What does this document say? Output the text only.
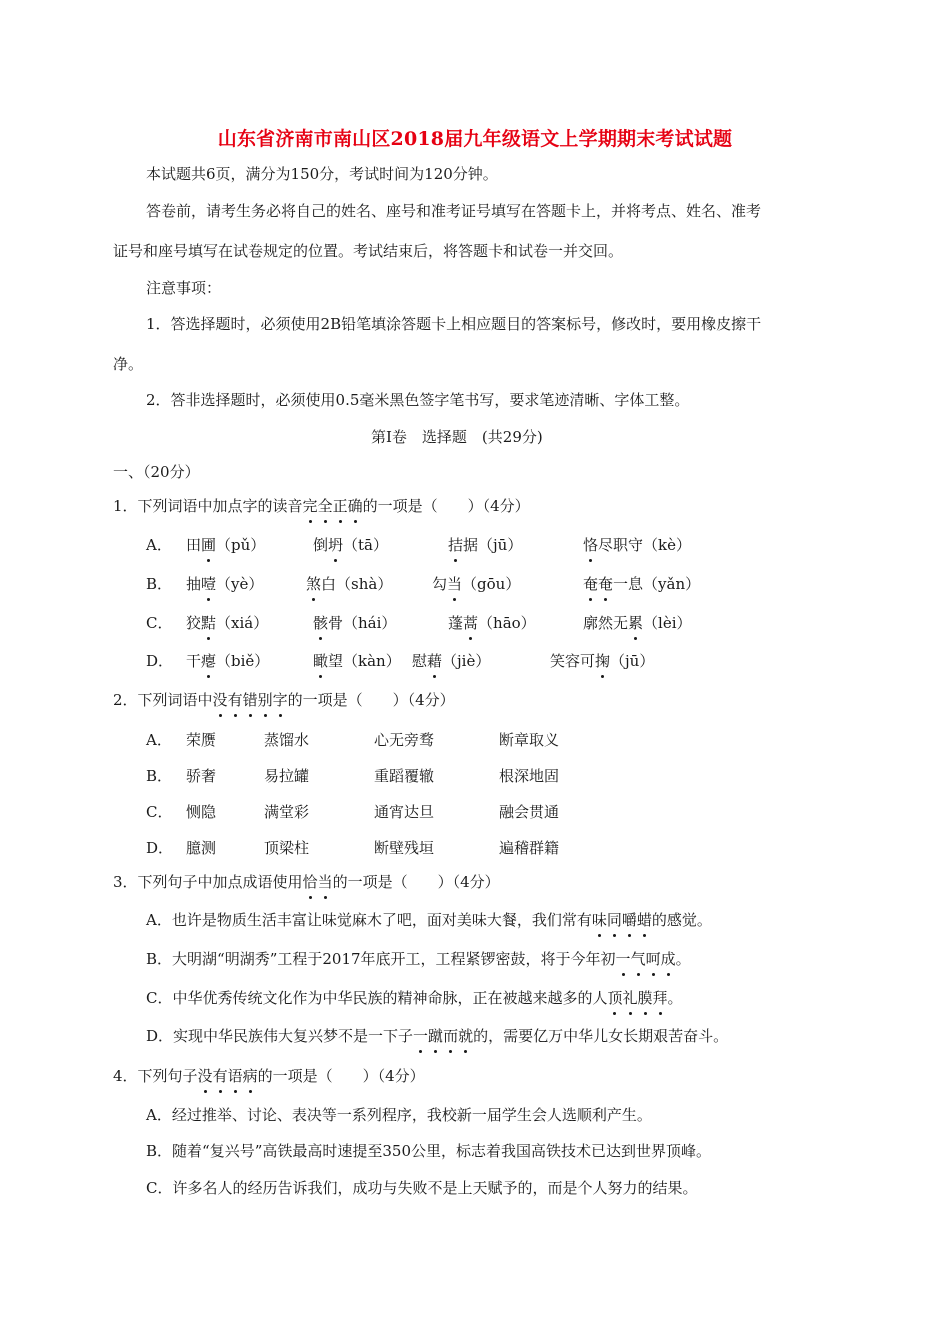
山东省济南市南山区2018届九年级语文上学期期末考试试题
本试题共6页，满分为150分，考试时间为120分钟。
答卷前，请考生务必将自己的姓名、座号和准考证号填写在答题卡上，并将考点、姓名、准考
证号和座号填写在试卷规定的位置。考试结束后，将答题卡和试卷一并交回。
注意事项：
1．答选择题时，必须使用2B铅笔填涂答题卡上相应题目的答案标号，修改时，要用橡皮擦干
净。
2．答非选择题时，必须使用0.5毫米黑色签字笔书写，要求笔迹清晰、字体工整。
第Ⅰ卷　选择题　(共29分)
一、（20分）
1．下列词语中加点字的读音完全正确的一项是（　　）（4分）
A． 田圃（pǔ）	倒坍（tā）	拮据（jū）	恪尽职守（kè）
B． 抽噎（yè）	煞白（shà）	勾当（gōu）	奄奄一息（yǎn）
C． 狡黠（xiá）	骸骨（hái）	蓬蒿（hāo）	廓然无累（lèi）
D． 干瘪（biě）	瞰望（kàn） 慰藉（jiè）	笑容可掬（jū）
2．下列词语中没有错别字的一项是（　　）（4分）
A． 荣赝	蒸馏水	心无旁骛	断章取义
B． 骄奢	易拉罐	重蹈覆辙	根深地固
C． 恻隐	满堂彩	通宵达旦	融会贯通
D． 臆测	顶梁柱	断壁残垣	遍稽群籍
3．下列句子中加点成语使用恰当的一项是（　　）（4分）
A．也许是物质生活丰富让味觉麻木了吧，面对美味大餐，我们常有味同嚼蜡的感觉。
B．大明湖“明湖秀”工程于2017年底开工，工程紧锣密鼓，将于今年初一气呵成。
C．中华优秀传统文化作为中华民族的精神命脉，正在被越来越多的人顶礼膜拜。
D．实现中华民族伟大复兴梦不是一下子一蹴而就的，需要亿万中华儿女长期艰苦奋斗。
4．下列句子没有语病的一项是（　　）（4分）
A．经过推举、讨论、表决等一系列程序，我校新一届学生会人选顺利产生。
B．随着“复兴号”高铁最高时速提至350公里，标志着我国高铁技术已达到世界顶峰。
C．许多名人的经历告诉我们，成功与失败不是上天赋予的，而是个人努力的结果。
